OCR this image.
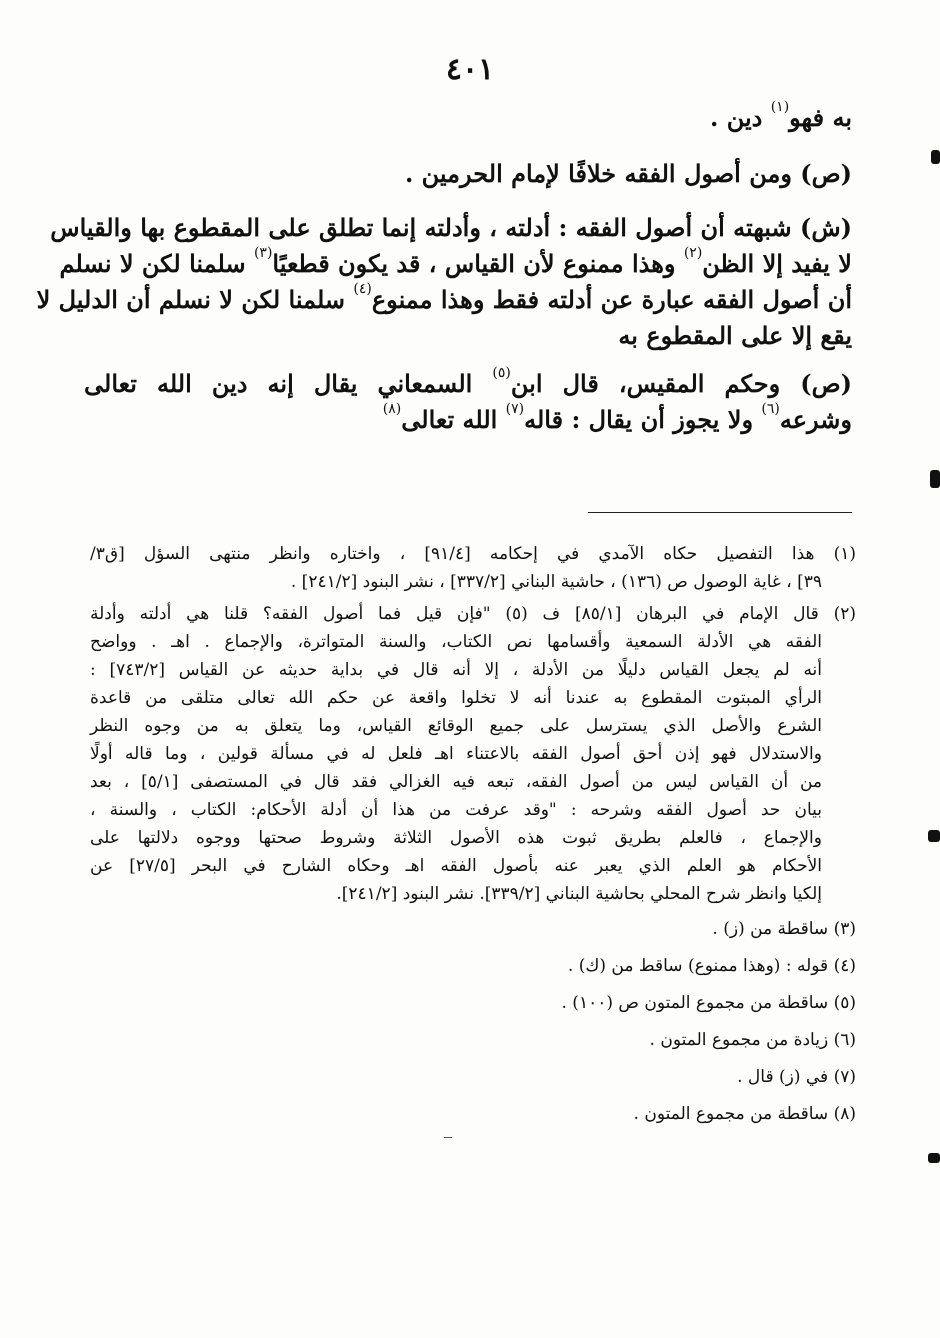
٤٠١
به فهو$^{(١)}$ دين .
(ص) ومن أصول الفقه خلافًا لإمام الحرمين .
(ش) شبهته أن أصول الفقه : أدلته ، وأدلته إنما تطلق على المقطوع بها والقياس
لا يفيد إلا الظن$^{(٢)}$ وهذا ممنوع لأن القياس ، قد يكون قطعيًا$^{(٣)}$ سلمنا لكن لا نسلم
أن أصول الفقه عبارة عن أدلته فقط وهذا ممنوع$^{(٤)}$ سلمنا لكن لا نسلم أن الدليل لا
يقع إلا على المقطوع به
(ص) وحكم المقيس، قال ابن$^{(٥)}$ السمعاني يقال إنه دين الله تعالى
وشرعه$^{(٦)}$ ولا يجوز أن يقال : قاله$^{(٧)}$ الله تعالى$^{(٨)}$
(١) هذا التفصيل حكاه الآمدي في إحكامه [٩١/٤] ، واختاره وانظر منتهى السؤل [ق٣/
٣٩] ، غاية الوصول ص (١٣٦) ، حاشية البناني [٣٣٧/٢] ، نشر البنود [٢٤١/٢] .
(٢) قال الإمام في البرهان [٨٥/١] ف (٥) "فإن قيل فما أصول الفقه؟ قلنا هي أدلته وأدلة
الفقه هي الأدلة السمعية وأقسامها نص الكتاب، والسنة المتواترة، والإجماع . اهـ . وواضح
أنه لم يجعل القياس دليلًا من الأدلة ، إلا أنه قال في بداية حديثه عن القياس [٧٤٣/٢] :
الرأي المبتوت المقطوع به عندنا أنه لا تخلوا واقعة عن حكم الله تعالى متلقى من قاعدة
الشرع والأصل الذي يسترسل على جميع الوقائع القياس، وما يتعلق به من وجوه النظر
والاستدلال فهو إذن أحق أصول الفقه بالاعتناء اهـ فلعل له في مسألة قولين ، وما قاله أولًا
من أن القياس ليس من أصول الفقه، تبعه فيه الغزالي فقد قال في المستصفى [٥/١] ، بعد
بيان حد أصول الفقه وشرحه : "وقد عرفت من هذا أن أدلة الأحكام: الكتاب ، والسنة ،
والإجماع ، فالعلم بطريق ثبوت هذه الأصول الثلاثة وشروط صحتها ووجوه دلالتها على
الأحكام هو العلم الذي يعبر عنه بأصول الفقه اهـ وحكاه الشارح في البحر [٢٧/٥] عن
إلكيا وانظر شرح المحلي بحاشية البناني [٣٣٩/٢]. نشر البنود [٢٤١/٢].
(٣) ساقطة من (ز) .
(٤) قوله : (وهذا ممنوع) ساقط من (ك) .
(٥) ساقطة من مجموع المتون ص (١٠٠) .
(٦) زيادة من مجموع المتون .
(٧) في (ز) قال .
(٨) ساقطة من مجموع المتون .
